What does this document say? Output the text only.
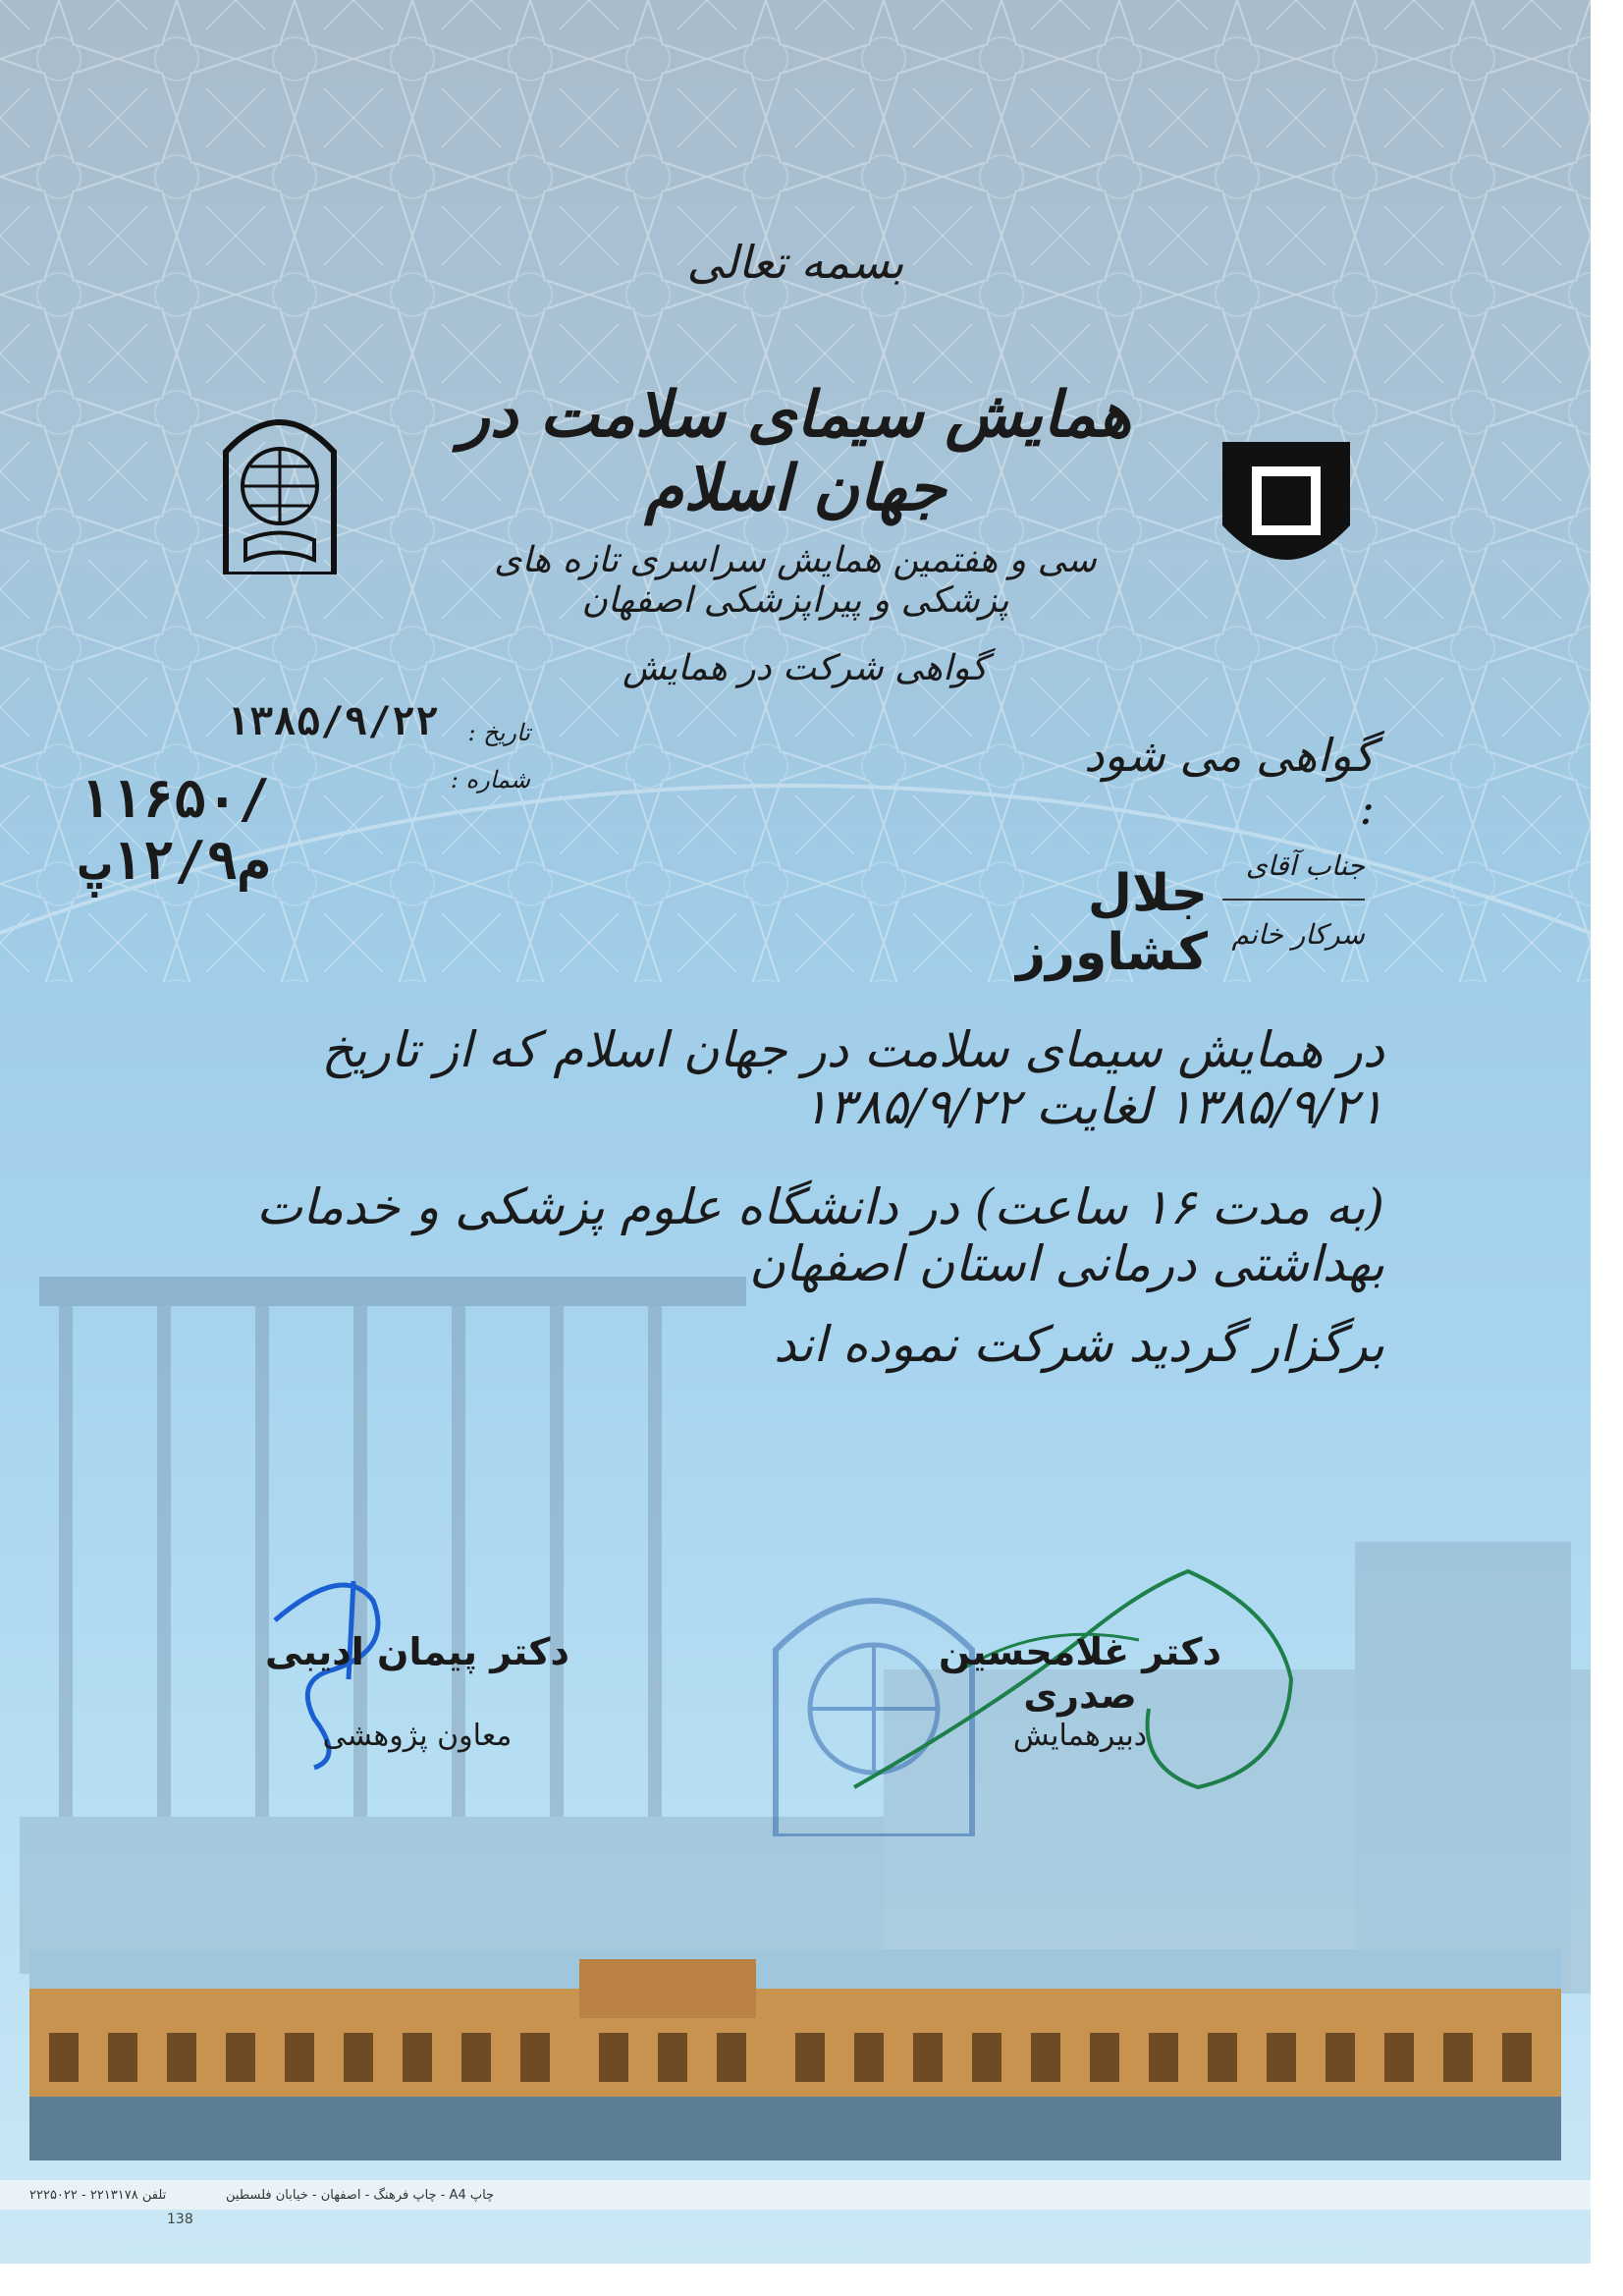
بسمه تعالی
همایش سیمای سلامت در جهان اسلام
سی و هفتمین همایش سراسری تازه های پزشکی و پیراپزشکی اصفهان
گواهی شرکت در همایش
تاریخ :
۱۳۸۵/۹/۲۲
شماره :
۱۱۶۵۰/م۱۲/۹پ
گواهی می شود :
جناب آقای
سرکار خانم
جلال کشاورز
در همایش سیمای سلامت در جهان اسلام که از تاریخ ۱۳۸۵/۹/۲۱ لغایت ۱۳۸۵/۹/۲۲
(به مدت ۱۶ ساعت) در دانشگاه علوم پزشکی و خدمات بهداشتی درمانی استان اصفهان
برگزار گردید شرکت نموده اند
دکتر پیمان ادیبی
معاون پژوهشی
دکتر غلامحسین صدری
دبیرهمایش
۲۲۲۵۰۲۲ - ۲۲۱۳۱۷۸ تلفن	چاپ A4 - چاپ فرهنگ - اصفهان - خیابان فلسطین
138
